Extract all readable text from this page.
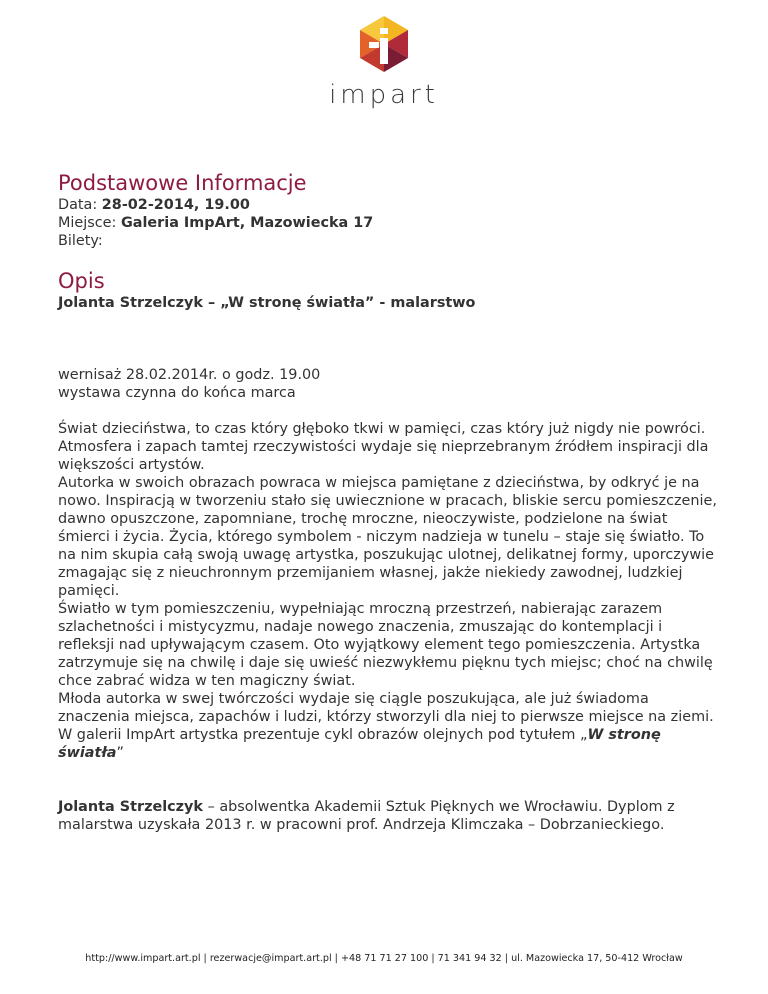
impart
Podstawowe Informacje

Data: 28-02-2014, 19.00

Miejsce: Galeria ImpArt, Mazowiecka 17

Bilety:

Opis

Jolanta Strzelczyk – „W stronę światła” - malarstwo

wernisaż 28.02.2014r. o godz. 19.00

wystawa czynna do końca marca

Świat dzieciństwa, to czas który głęboko tkwi w pamięci, czas który już nigdy nie powróci. Atmosfera i zapach tamtej rzeczywistości wydaje się nieprzebranym źródłem inspiracji dla większości artystów.

Autorka w swoich obrazach powraca w miejsca pamiętane z dzieciństwa, by odkryć je na nowo. Inspiracją w tworzeniu stało się uwiecznione w pracach, bliskie sercu pomieszczenie, dawno opuszczone, zapomniane, trochę mroczne, nieoczywiste, podzielone na świat śmierci i życia. Życia, którego symbolem - niczym nadzieja w tunelu – staje się światło. To na nim skupia całą swoją uwagę artystka, poszukując ulotnej, delikatnej formy, uporczywie zmagając się z nieuchronnym przemijaniem własnej, jakże niekiedy zawodnej, ludzkiej pamięci.

Światło w tym pomieszczeniu, wypełniając mroczną przestrzeń, nabierając zarazem szlachetności i mistycyzmu, nadaje nowego znaczenia, zmuszając do kontemplacji i refleksji nad upływającym czasem. Oto wyjątkowy element tego pomieszczenia. Artystka zatrzymuje się na chwilę i daje się uwieść niezwykłemu pięknu tych miejsc; choć na chwilę chce zabrać widza w ten magiczny świat.

Młoda autorka w swej twórczości wydaje się ciągle poszukująca, ale już świadoma znaczenia miejsca, zapachów i ludzi, którzy stworzyli dla niej to pierwsze miejsce na ziemi. W galerii ImpArt artystka prezentuje cykl obrazów olejnych pod tytułem „W stronę światła”

Jolanta Strzelczyk – absolwentka Akademii Sztuk Pięknych we Wrocławiu. Dyplom z malarstwa uzyskała 2013 r. w pracowni prof. Andrzeja Klimczaka – Dobrzanieckiego.

http://www.impart.art.pl | rezerwacje@impart.art.pl | +48 71 71 27 100 | 71 341 94 32 | ul. Mazowiecka 17, 50-412 Wrocław
